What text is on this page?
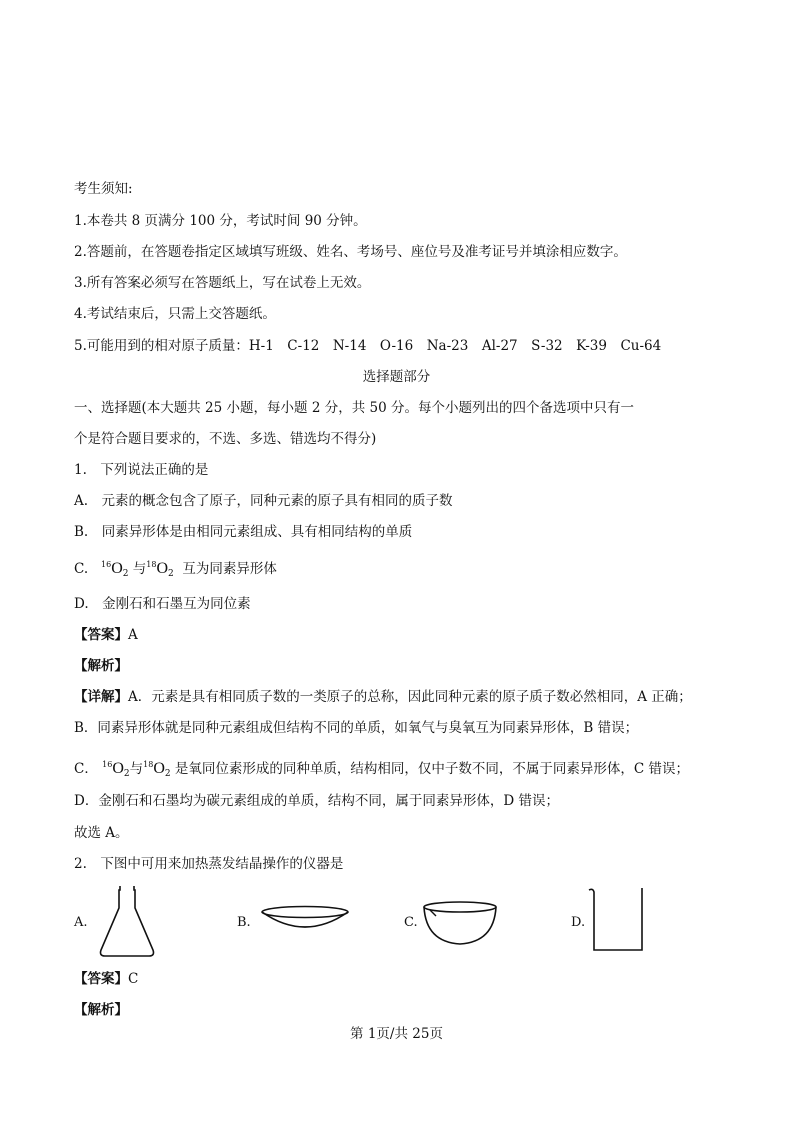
考生须知:
1.本卷共 8 页满分 100 分，考试时间 90 分钟。
2.答题前，在答题卷指定区域填写班级、姓名、考场号、座位号及准考证号并填涂相应数字。
3.所有答案必须写在答题纸上，写在试卷上无效。
4.考试结束后，只需上交答题纸。
5.可能用到的相对原子质量：H-1　C-12　N-14　O-16　Na-23　Al-27　S-32　K-39　Cu-64
选择题部分
一、选择题(本大题共 25 小题，每小题 2 分，共 50 分。每个小题列出的四个备选项中只有一
个是符合题目要求的，不选、多选、错选均不得分)
1.　下列说法正确的是
A.　元素的概念包含了原子，同种元素的原子具有相同的质子数
B.　同素异形体是由相同元素组成、具有相同结构的单质
C. $^{16}O_2$ 与$^{18}O_2$ 互为同素异形体
D.　金刚石和石墨互为同位素
【答案】A
【解析】
【详解】A．元素是具有相同质子数的一类原子的总称，因此同种元素的原子质子数必然相同，A 正确；
B．同素异形体就是同种元素组成但结构不同的单质，如氧气与臭氧互为同素异形体，B 错误；
C． $^{16}O_2$与$^{18}O_2$ 是氧同位素形成的同种单质，结构相同，仅中子数不同，不属于同素异形体，C 错误；
D．金刚石和石墨均为碳元素组成的单质，结构不同，属于同素异形体，D 错误；
故选 A。
2.　下图中可用来加热蒸发结晶操作的仪器是
A.	B.	C.	D.
【答案】C
【解析】
第 1页/共 25页
